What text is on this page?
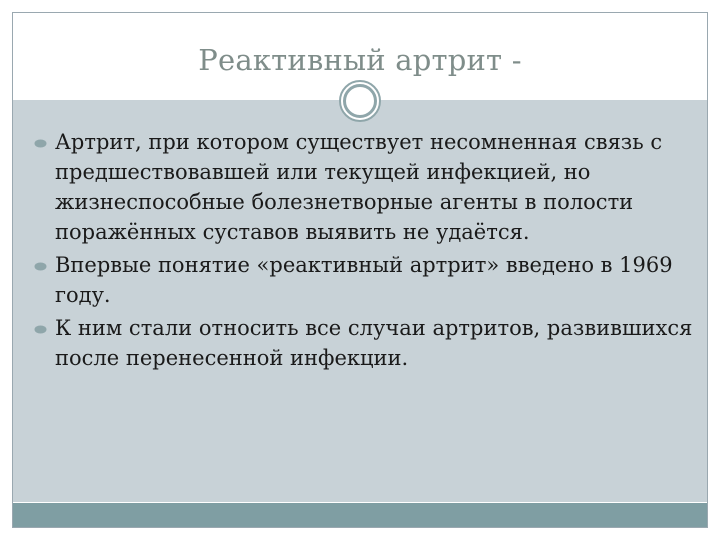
Реактивный артрит -
Артрит, при котором существует несомненная связь с предшествовавшей или текущей инфекцией, но жизнеспособные болезнетворные агенты в полости поражённых суставов выявить не удаётся.
Впервые понятие «реактивный артрит» введено в 1969 году.
К ним стали относить все случаи артритов, развившихся после перенесенной инфекции.
